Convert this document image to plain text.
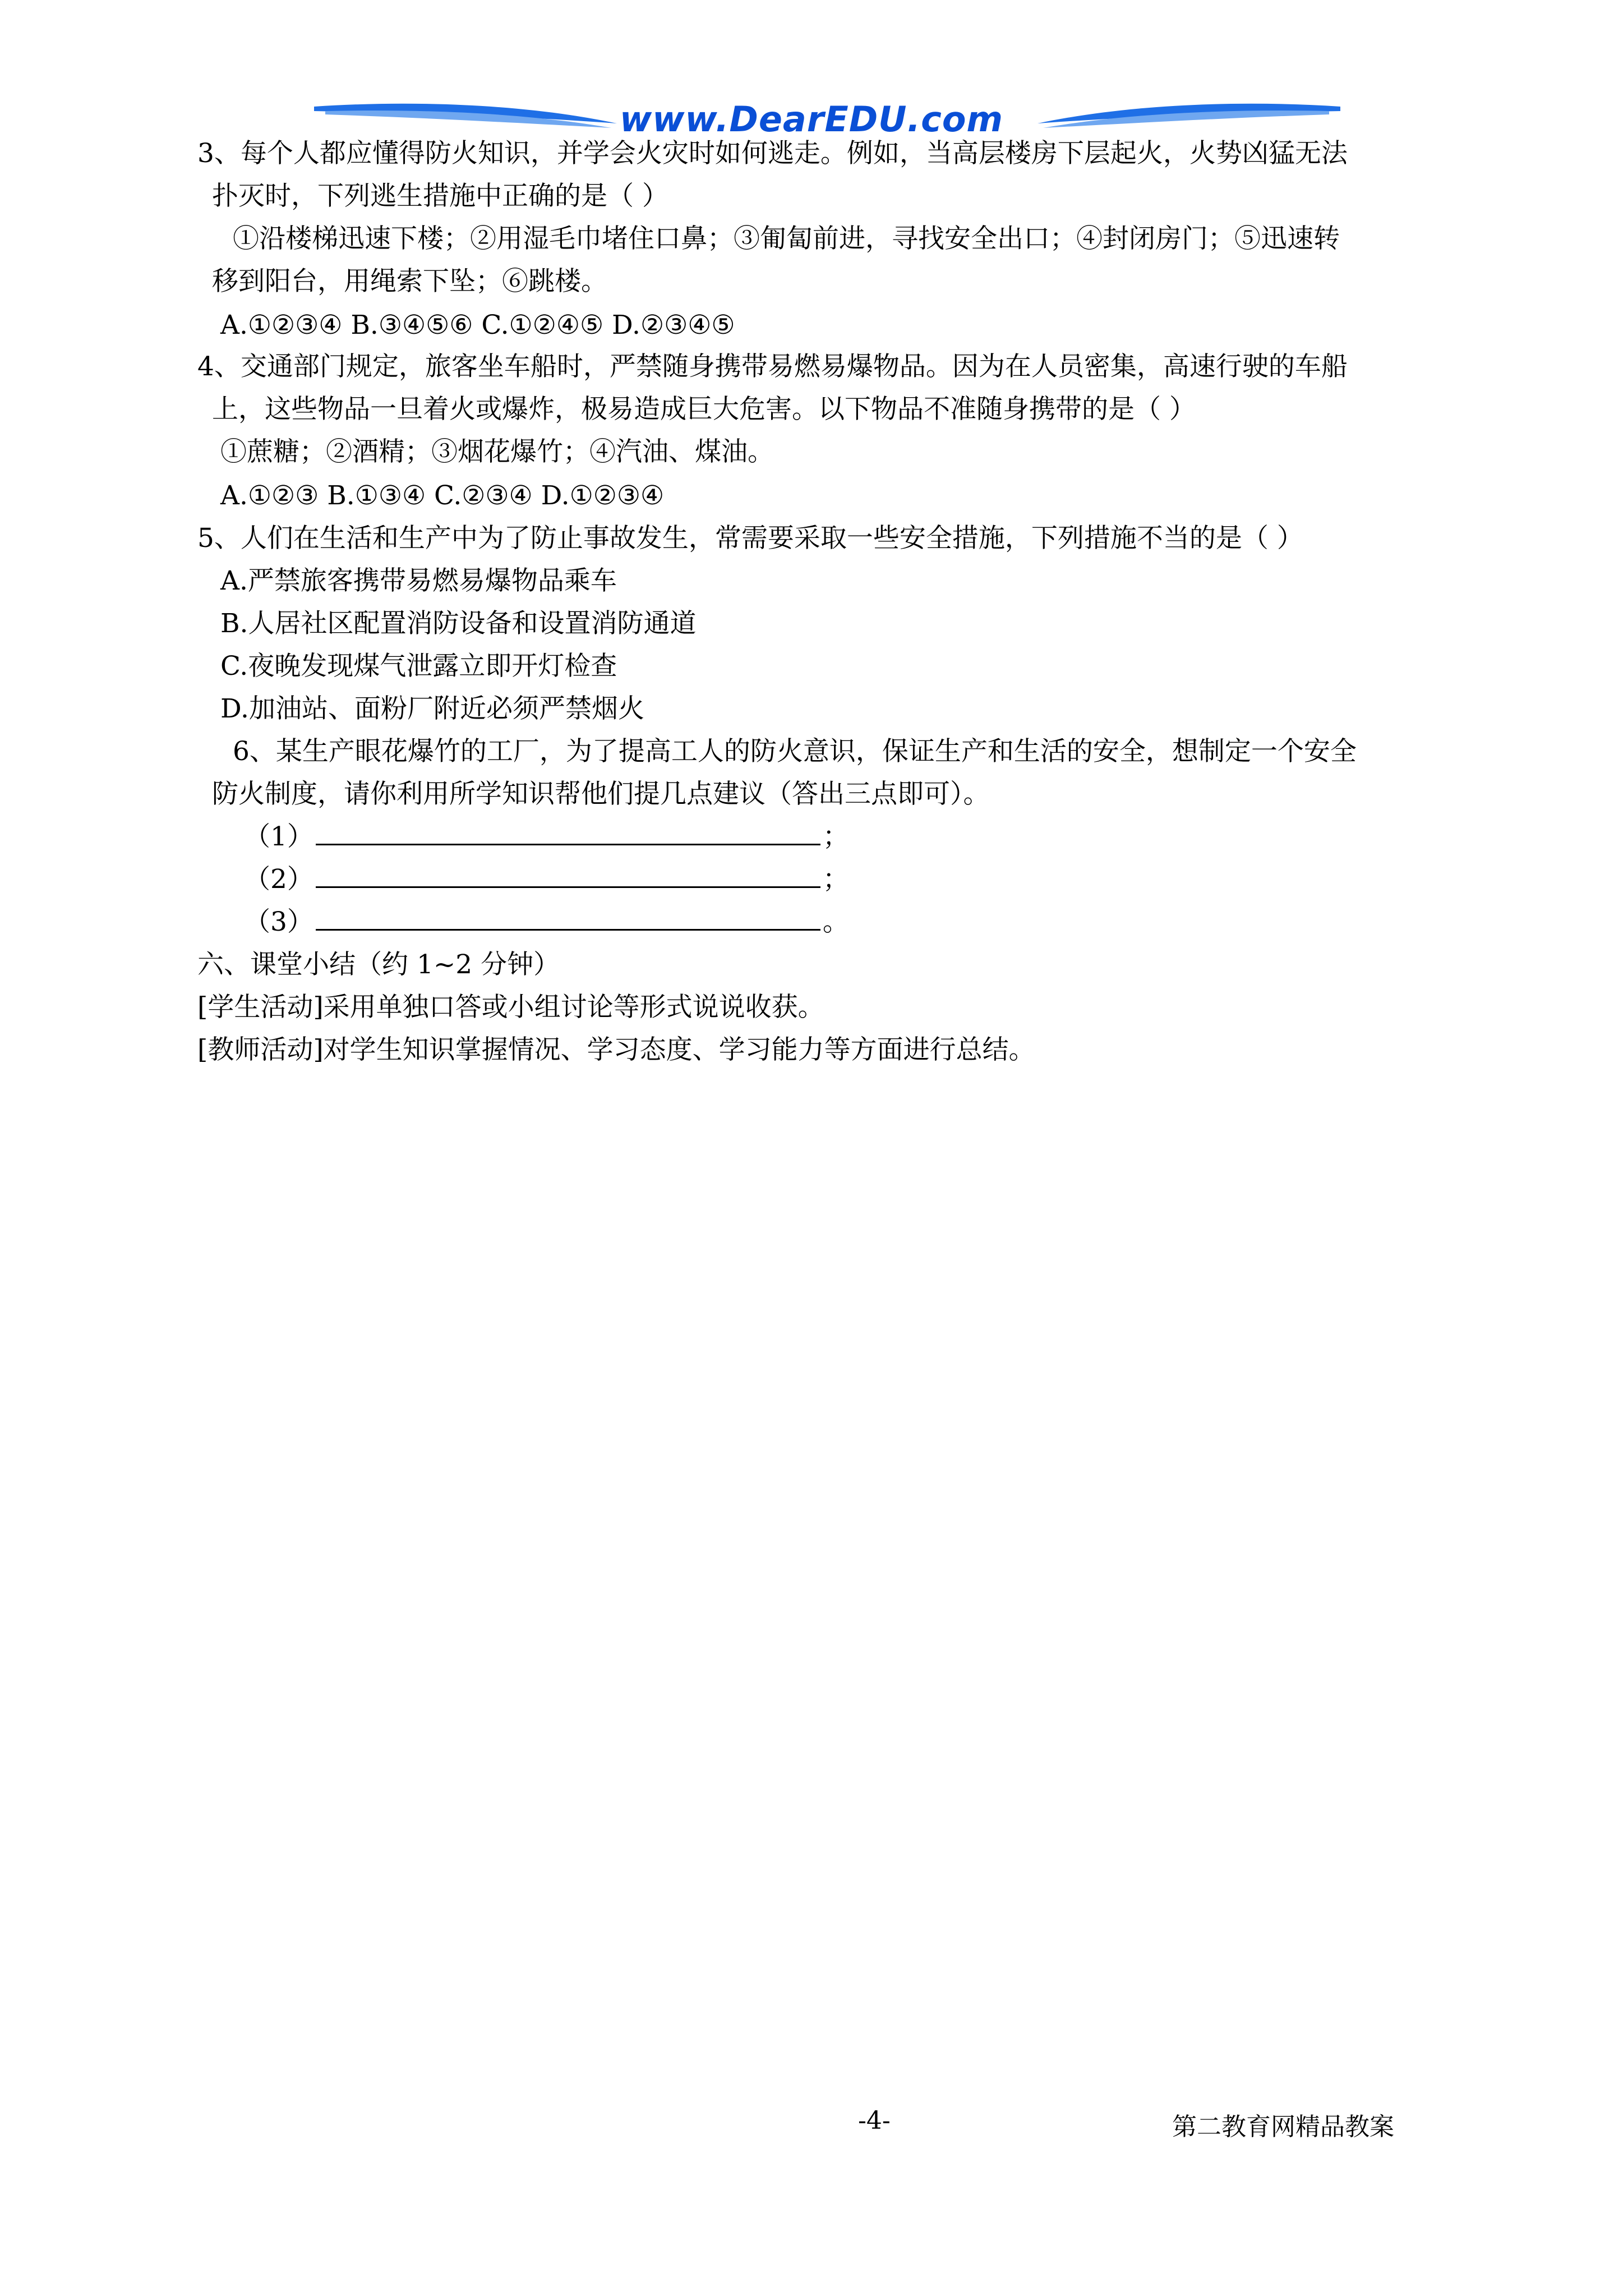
www.DearEDU.com
3、每个人都应懂得防火知识，并学会火灾时如何逃走。例如，当高层楼房下层起火，火势凶猛无法
扑灭时，下列逃生措施中正确的是（ ）
①沿楼梯迅速下楼；②用湿毛巾堵住口鼻；③匍匐前进，寻找安全出口；④封闭房门；⑤迅速转
移到阳台，用绳索下坠；⑥跳楼。
A.①②③④ B.③④⑤⑥ C.①②④⑤ D.②③④⑤
4、交通部门规定，旅客坐车船时，严禁随身携带易燃易爆物品。因为在人员密集，高速行驶的车船
上，这些物品一旦着火或爆炸，极易造成巨大危害。以下物品不准随身携带的是（ ）
①蔗糖；②酒精；③烟花爆竹；④汽油、煤油。
A.①②③ B.①③④ C.②③④ D.①②③④
5、人们在生活和生产中为了防止事故发生，常需要采取一些安全措施，下列措施不当的是（ ）
A.严禁旅客携带易燃易爆物品乘车
B.人居社区配置消防设备和设置消防通道
C.夜晚发现煤气泄露立即开灯检查
D.加油站、面粉厂附近必须严禁烟火
6、某生产眼花爆竹的工厂，为了提高工人的防火意识，保证生产和生活的安全，想制定一个安全
防火制度，请你利用所学知识帮他们提几点建议（答出三点即可）。
（1）	；
（2）	；
（3）	。
六、课堂小结（约 1~2 分钟）
[学生活动]采用单独口答或小组讨论等形式说说收获。
[教师活动]对学生知识掌握情况、学习态度、学习能力等方面进行总结。
-4-	第二教育网精品教案
